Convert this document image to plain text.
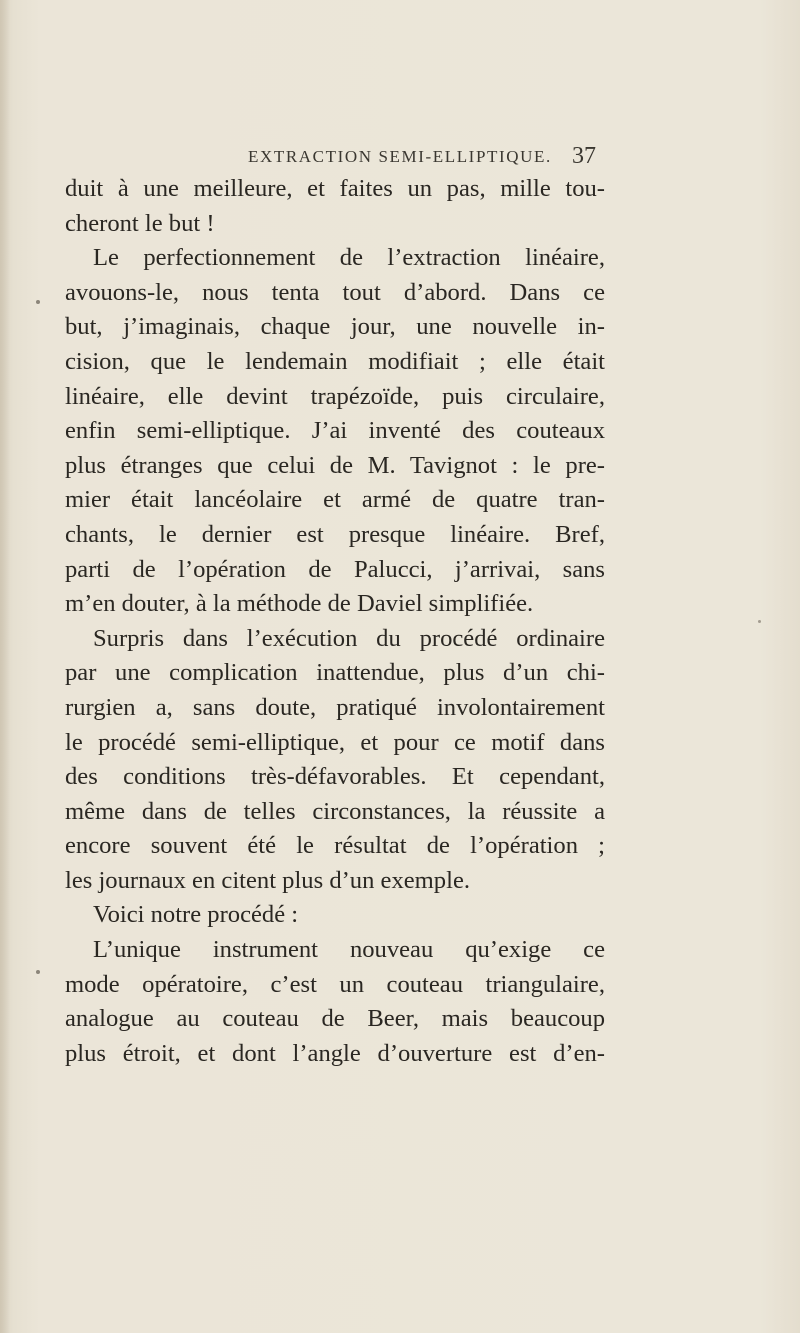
EXTRACTION SEMI-ELLIPTIQUE. 37
duit à une meilleure, et faites un pas, mille tou-
cheront le but !
Le perfectionnement de l’extraction linéaire,
avouons-le, nous tenta tout d’abord. Dans ce
but, j’imaginais, chaque jour, une nouvelle in-
cision, que le lendemain modifiait ; elle était
linéaire, elle devint trapézoïde, puis circulaire,
enfin semi-elliptique. J’ai inventé des couteaux
plus étranges que celui de M. Tavignot : le pre-
mier était lancéolaire et armé de quatre tran-
chants, le dernier est presque linéaire. Bref,
parti de l’opération de Palucci, j’arrivai, sans
m’en douter, à la méthode de Daviel simplifiée.
Surpris dans l’exécution du procédé ordinaire
par une complication inattendue, plus d’un chi-
rurgien a, sans doute, pratiqué involontairement
le procédé semi-elliptique, et pour ce motif dans
des conditions très-défavorables. Et cependant,
même dans de telles circonstances, la réussite a
encore souvent été le résultat de l’opération ;
les journaux en citent plus d’un exemple.
Voici notre procédé :
L’unique instrument nouveau qu’exige ce
mode opératoire, c’est un couteau triangulaire,
analogue au couteau de Beer, mais beaucoup
plus étroit, et dont l’angle d’ouverture est d’en-
